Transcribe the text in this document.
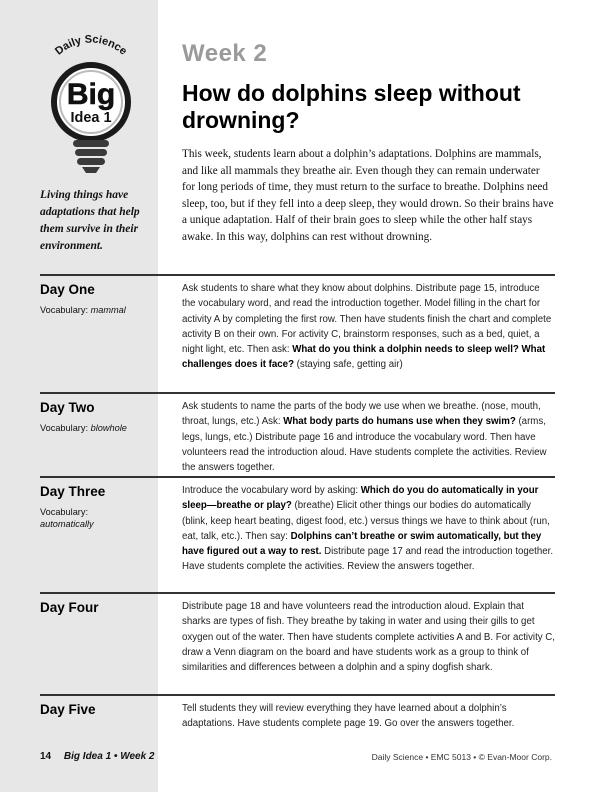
Daily Science
Big
Idea 1
Living things have adaptations that help them survive in their environment.
Week 2
How do dolphins sleep without drowning?
This week, students learn about a dolphin’s adaptations. Dolphins are mammals, and like all mammals they breathe air. Even though they can remain underwater for long periods of time, they must return to the surface to breathe. Dolphins need sleep, too, but if they fell into a deep sleep, they would drown. So their brains have a unique adaptation. Half of their brain goes to sleep while the other half stays awake. In this way, dolphins can rest without drowning.
Day One
Vocabulary: mammal
Ask students to share what they know about dolphins. Distribute page 15, introduce the vocabulary word, and read the introduction together. Model filling in the chart for activity A by completing the first row. Then have students finish the chart and complete activity B on their own. For activity C, brainstorm responses, such as a bed, quiet, a night light, etc. Then ask: What do you think a dolphin needs to sleep well? What challenges does it face? (staying safe, getting air)
Day Two
Vocabulary: blowhole
Ask students to name the parts of the body we use when we breathe. (nose, mouth, throat, lungs, etc.) Ask: What body parts do humans use when they swim? (arms, legs, lungs, etc.) Distribute page 16 and introduce the vocabulary word. Then have volunteers read the introduction aloud. Have students complete the activities. Review the answers together.
Day Three
Vocabulary:
automatically
Introduce the vocabulary word by asking: Which do you do automatically in your sleep—breathe or play? (breathe) Elicit other things our bodies do automatically (blink, keep heart beating, digest food, etc.) versus things we have to think about (run, eat, talk, etc.). Then say: Dolphins can’t breathe or swim automatically, but they have figured out a way to rest. Distribute page 17 and read the introduction together. Have students complete the activities. Review the answers together.
Day Four	Distribute page 18 and have volunteers read the introduction aloud. Explain that sharks are types of fish. They breathe by taking in water and using their gills to get oxygen out of the water. Then have students complete activities A and B. For activity C, draw a Venn diagram on the board and have students work as a group to think of similarities and differences between a dolphin and a spiny dogfish shark.
Day Five	Tell students they will review everything they have learned about a dolphin’s adaptations. Have students complete page 19. Go over the answers together.
14 Big Idea 1 • Week 2	Daily Science • EMC 5013 • © Evan-Moor Corp.
